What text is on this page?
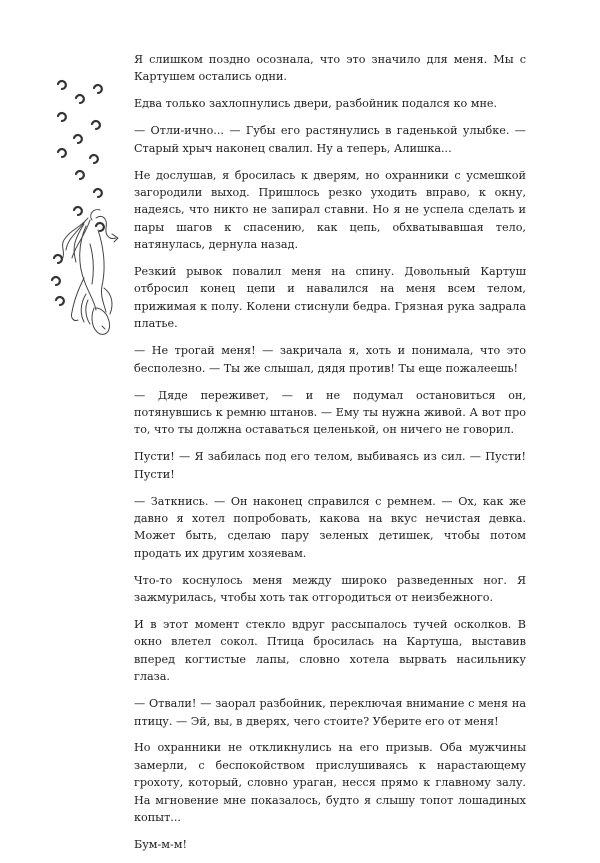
Я слишком поздно осознала, что это значило для меня. Мы с Картушем остались одни.

Едва только захлопнулись двери, разбойник подался ко мне.

— Отли-ично... — Губы его растянулись в гаденькой улыбке. — Старый хрыч наконец свалил. Ну а теперь, Алишка...

Не дослушав, я бросилась к дверям, но охранники с усмешкой загородили выход. Пришлось резко уходить вправо, к окну, надеясь, что никто не запирал ставни. Но я не успела сделать и пары шагов к спасению, как цепь, обхватывавшая тело, натянулась, дернула назад.

Резкий рывок повалил меня на спину. Довольный Картуш отбросил конец цепи и навалился на меня всем телом, прижимая к полу. Колени стиснули бедра. Грязная рука задрала платье.

— Не трогай меня! — закричала я, хоть и понимала, что это бесполезно. — Ты же слышал, дядя против! Ты еще пожалеешь!

— Дяде переживет, — и не подумал остановиться он, потянувшись к ремню штанов. — Ему ты нужна живой. А вот про то, что ты должна оставаться целенькой, он ничего не говорил.

Пусти! — Я забилась под его телом, выбиваясь из сил. — Пусти! Пусти!

— Заткнись. — Он наконец справился с ремнем. — Ох, как же давно я хотел попробовать, какова на вкус нечистая девка. Может быть, сделаю пару зеленых детишек, чтобы потом продать их другим хозяевам.

Что-то коснулось меня между широко разведенных ног. Я зажмурилась, чтобы хоть так отгородиться от неизбежного.

И в этот момент стекло вдруг рассыпалось тучей осколков. В окно влетел сокол. Птица бросилась на Картуша, выставив вперед когтистые лапы, словно хотела вырвать насильнику глаза.

— Отвали! — заорал разбойник, переключая внимание с меня на птицу. — Эй, вы, в дверях, чего стоите? Уберите его от меня!

Но охранники не откликнулись на его призыв. Оба мужчины замерли, с беспокойством прислушиваясь к нарастающему грохоту, который, словно ураган, несся прямо к главному залу. На мгновение мне показалось, будто я слышу топот лошадиных копыт...

Бум-м-м!
